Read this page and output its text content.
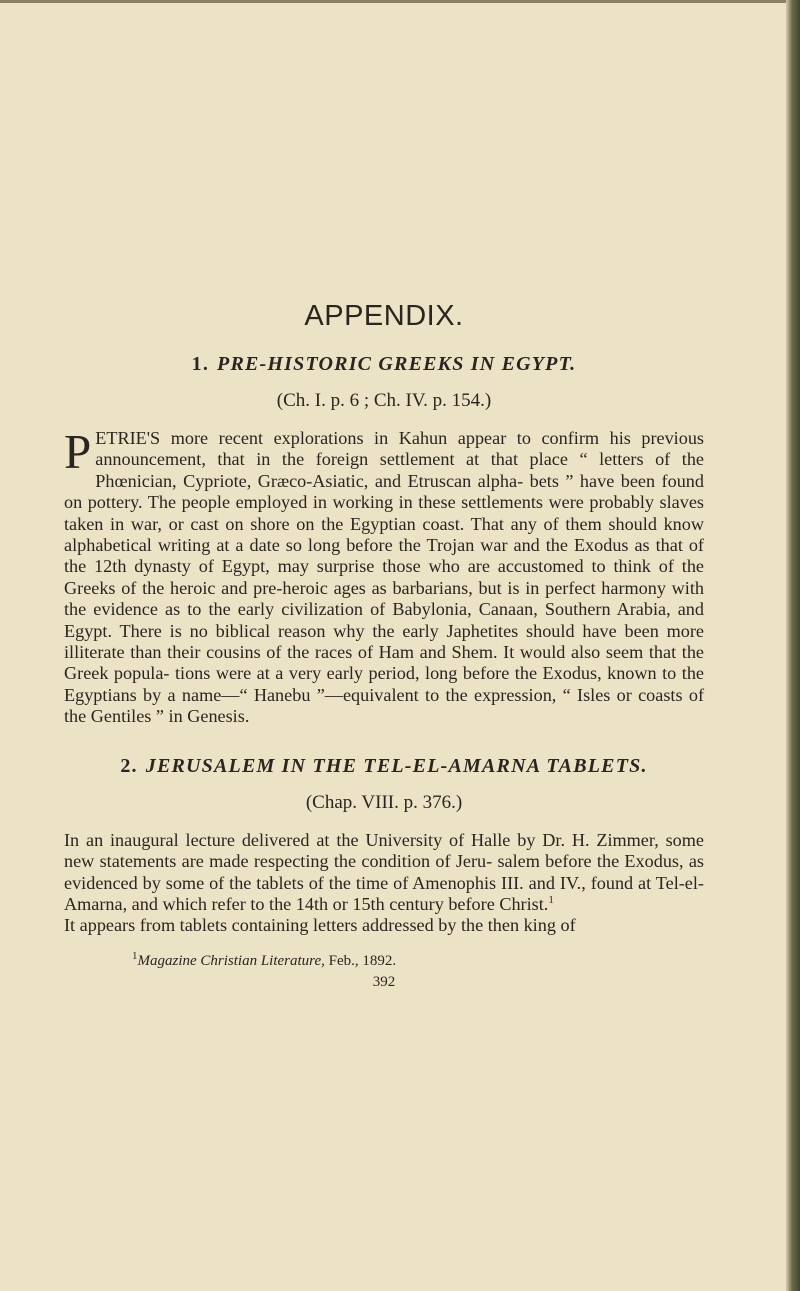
APPENDIX.
1. PRE-HISTORIC GREEKS IN EGYPT.
(Ch. I. p. 6 ; Ch. IV. p. 154.)

PETRIE'S more recent explorations in Kahun appear to confirm his previous announcement, that in the foreign settlement at that place “ letters of the Phœnician, Cypriote, Græco-Asiatic, and Etruscan alpha- bets ” have been found on pottery. The people employed in working in these settlements were probably slaves taken in war, or cast on shore on the Egyptian coast. That any of them should know alphabetical writing at a date so long before the Trojan war and the Exodus as that of the 12th dynasty of Egypt, may surprise those who are accustomed to think of the Greeks of the heroic and pre-heroic ages as barbarians, but is in perfect harmony with the evidence as to the early civilization of Babylonia, Canaan, Southern Arabia, and Egypt. There is no biblical reason why the early Japhetites should have been more illiterate than their cousins of the races of Ham and Shem. It would also seem that the Greek popula- tions were at a very early period, long before the Exodus, known to the Egyptians by a name—“ Hanebu ”—equivalent to the expression, “ Isles or coasts of the Gentiles ” in Genesis.

2. JERUSALEM IN THE TEL-EL-AMARNA TABLETS.
(Chap. VIII. p. 376.)

In an inaugural lecture delivered at the University of Halle by Dr. H. Zimmer, some new statements are made respecting the condition of Jeru- salem before the Exodus, as evidenced by some of the tablets of the time of Amenophis III. and IV., found at Tel-el-Amarna, and which refer to the 14th or 15th century before Christ.$^1$

It appears from tablets containing letters addressed by the then king of

$^1$Magazine Christian Literature, Feb., 1892.

392
